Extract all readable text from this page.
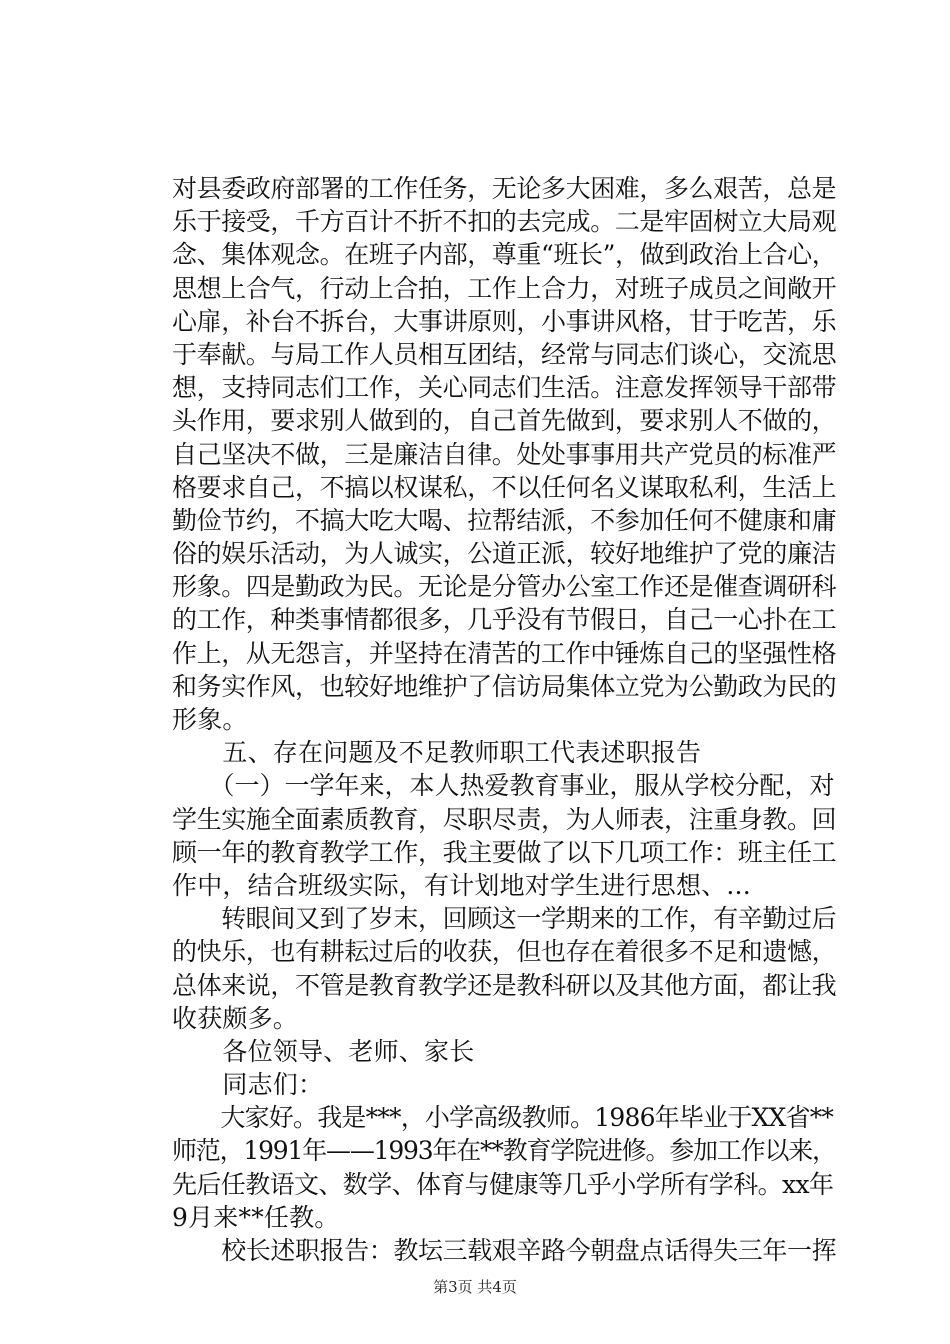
对县委政府部署的工作任务，无论多大困难，多么艰苦，总是
乐于接受，千方百计不折不扣的去完成。二是牢固树立大局观
念、集体观念。在班子内部，尊重“班长”，做到政治上合心，
思想上合气，行动上合拍，工作上合力，对班子成员之间敞开
心扉，补台不拆台，大事讲原则，小事讲风格，甘于吃苦，乐
于奉献。与局工作人员相互团结，经常与同志们谈心，交流思
想，支持同志们工作，关心同志们生活。注意发挥领导干部带
头作用，要求别人做到的，自己首先做到，要求别人不做的，
自己坚决不做，三是廉洁自律。处处事事用共产党员的标准严
格要求自己，不搞以权谋私，不以任何名义谋取私利，生活上
勤俭节约，不搞大吃大喝、拉帮结派，不参加任何不健康和庸
俗的娱乐活动，为人诚实，公道正派，较好地维护了党的廉洁
形象。四是勤政为民。无论是分管办公室工作还是催查调研科
的工作，种类事情都很多，几乎没有节假日，自己一心扑在工
作上，从无怨言，并坚持在清苦的工作中锤炼自己的坚强性格
和务实作风，也较好地维护了信访局集体立党为公勤政为民的
形象。
　　五、存在问题及不足教师职工代表述职报告
　　（一）一学年来，本人热爱教育事业，服从学校分配，对
学生实施全面素质教育，尽职尽责，为人师表，注重身教。回
顾一年的教育教学工作，我主要做了以下几项工作：班主任工
作中，结合班级实际，有计划地对学生进行思想、...
　　转眼间又到了岁末，回顾这一学期来的工作，有辛勤过后
的快乐，也有耕耘过后的收获，但也存在着很多不足和遗憾，
总体来说，不管是教育教学还是教科研以及其他方面，都让我
收获颇多。
　　各位领导、老师、家长
　　同志们：
　　大家好。我是***，小学高级教师。1986年毕业于XX省**
师范，1991年——1993年在**教育学院进修。参加工作以来，
先后任教语文、数学、体育与健康等几乎小学所有学科。xx年
9月来**任教。
　　校长述职报告：教坛三载艰辛路今朝盘点话得失三年一挥
第3页 共4页
